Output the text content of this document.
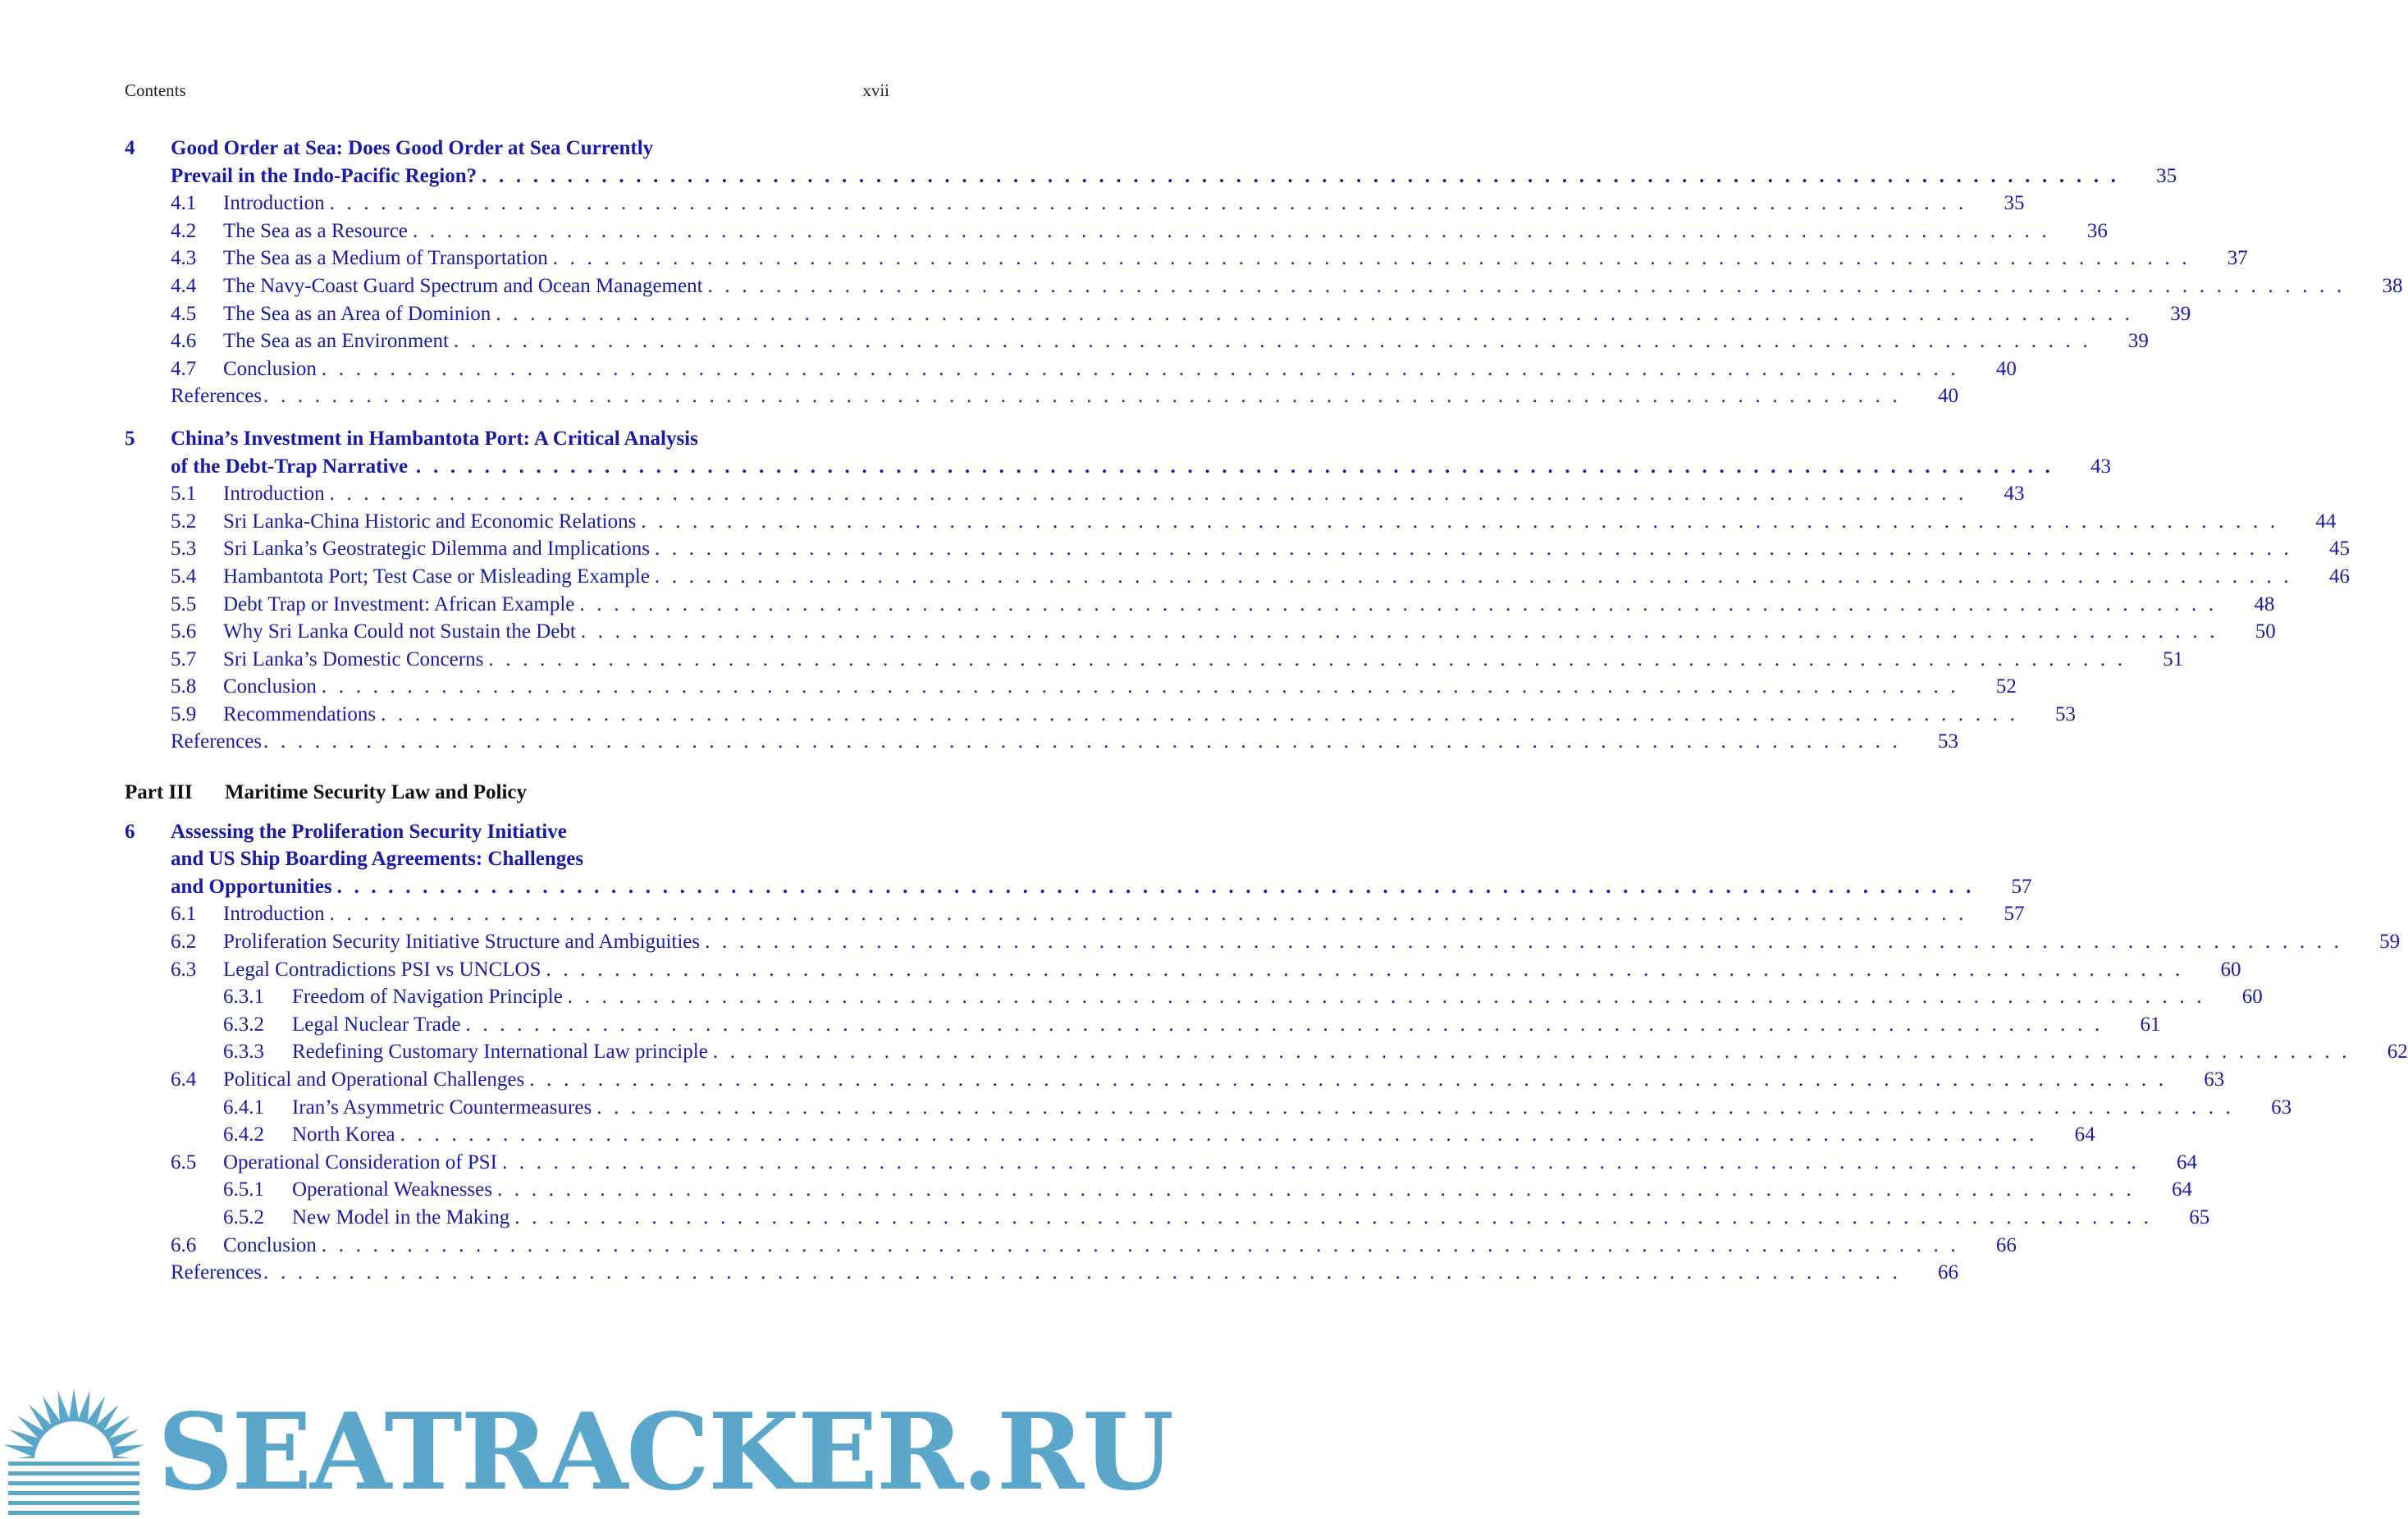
Contents	xvii
4	Good Order at Sea: Does Good Order at Sea Currently
Prevail in the Indo-Pacific Region? . . .	35
4.1	Introduction . . .	35
4.2	The Sea as a Resource . . .	36
4.3	The Sea as a Medium of Transportation . . .	37
4.4	The Navy-Coast Guard Spectrum and Ocean Management . . .	38
4.5	The Sea as an Area of Dominion . . .	39
4.6	The Sea as an Environment . . .	39
4.7	Conclusion . . .	40
References . . .	40
5	China’s Investment in Hambantota Port: A Critical Analysis
of the Debt-Trap Narrative . . .	43
5.1	Introduction . . .	43
5.2	Sri Lanka-China Historic and Economic Relations . . .	44
5.3	Sri Lanka’s Geostrategic Dilemma and Implications . . .	45
5.4	Hambantota Port; Test Case or Misleading Example . . .	46
5.5	Debt Trap or Investment: African Example . . .	48
5.6	Why Sri Lanka Could not Sustain the Debt . . .	50
5.7	Sri Lanka’s Domestic Concerns . . .	51
5.8	Conclusion . . .	52
5.9	Recommendations . . .	53
References . . .	53
Part III	Maritime Security Law and Policy
6	Assessing the Proliferation Security Initiative
and US Ship Boarding Agreements: Challenges
and Opportunities . . .	57
6.1	Introduction . . .	57
6.2	Proliferation Security Initiative Structure and Ambiguities . . .	59
6.3	Legal Contradictions PSI vs UNCLOS . . .	60
6.3.1	Freedom of Navigation Principle . . .	60
6.3.2	Legal Nuclear Trade . . .	61
6.3.3	Redefining Customary International Law principle . . .	62
6.4	Political and Operational Challenges . . .	63
6.4.1	Iran’s Asymmetric Countermeasures . . .	63
6.4.2	North Korea . . .	64
6.5	Operational Consideration of PSI . . .	64
6.5.1	Operational Weaknesses . . .	64
6.5.2	New Model in the Making . . .	65
6.6	Conclusion . . .	66
References . . .	66
SEATRACKER.RU
